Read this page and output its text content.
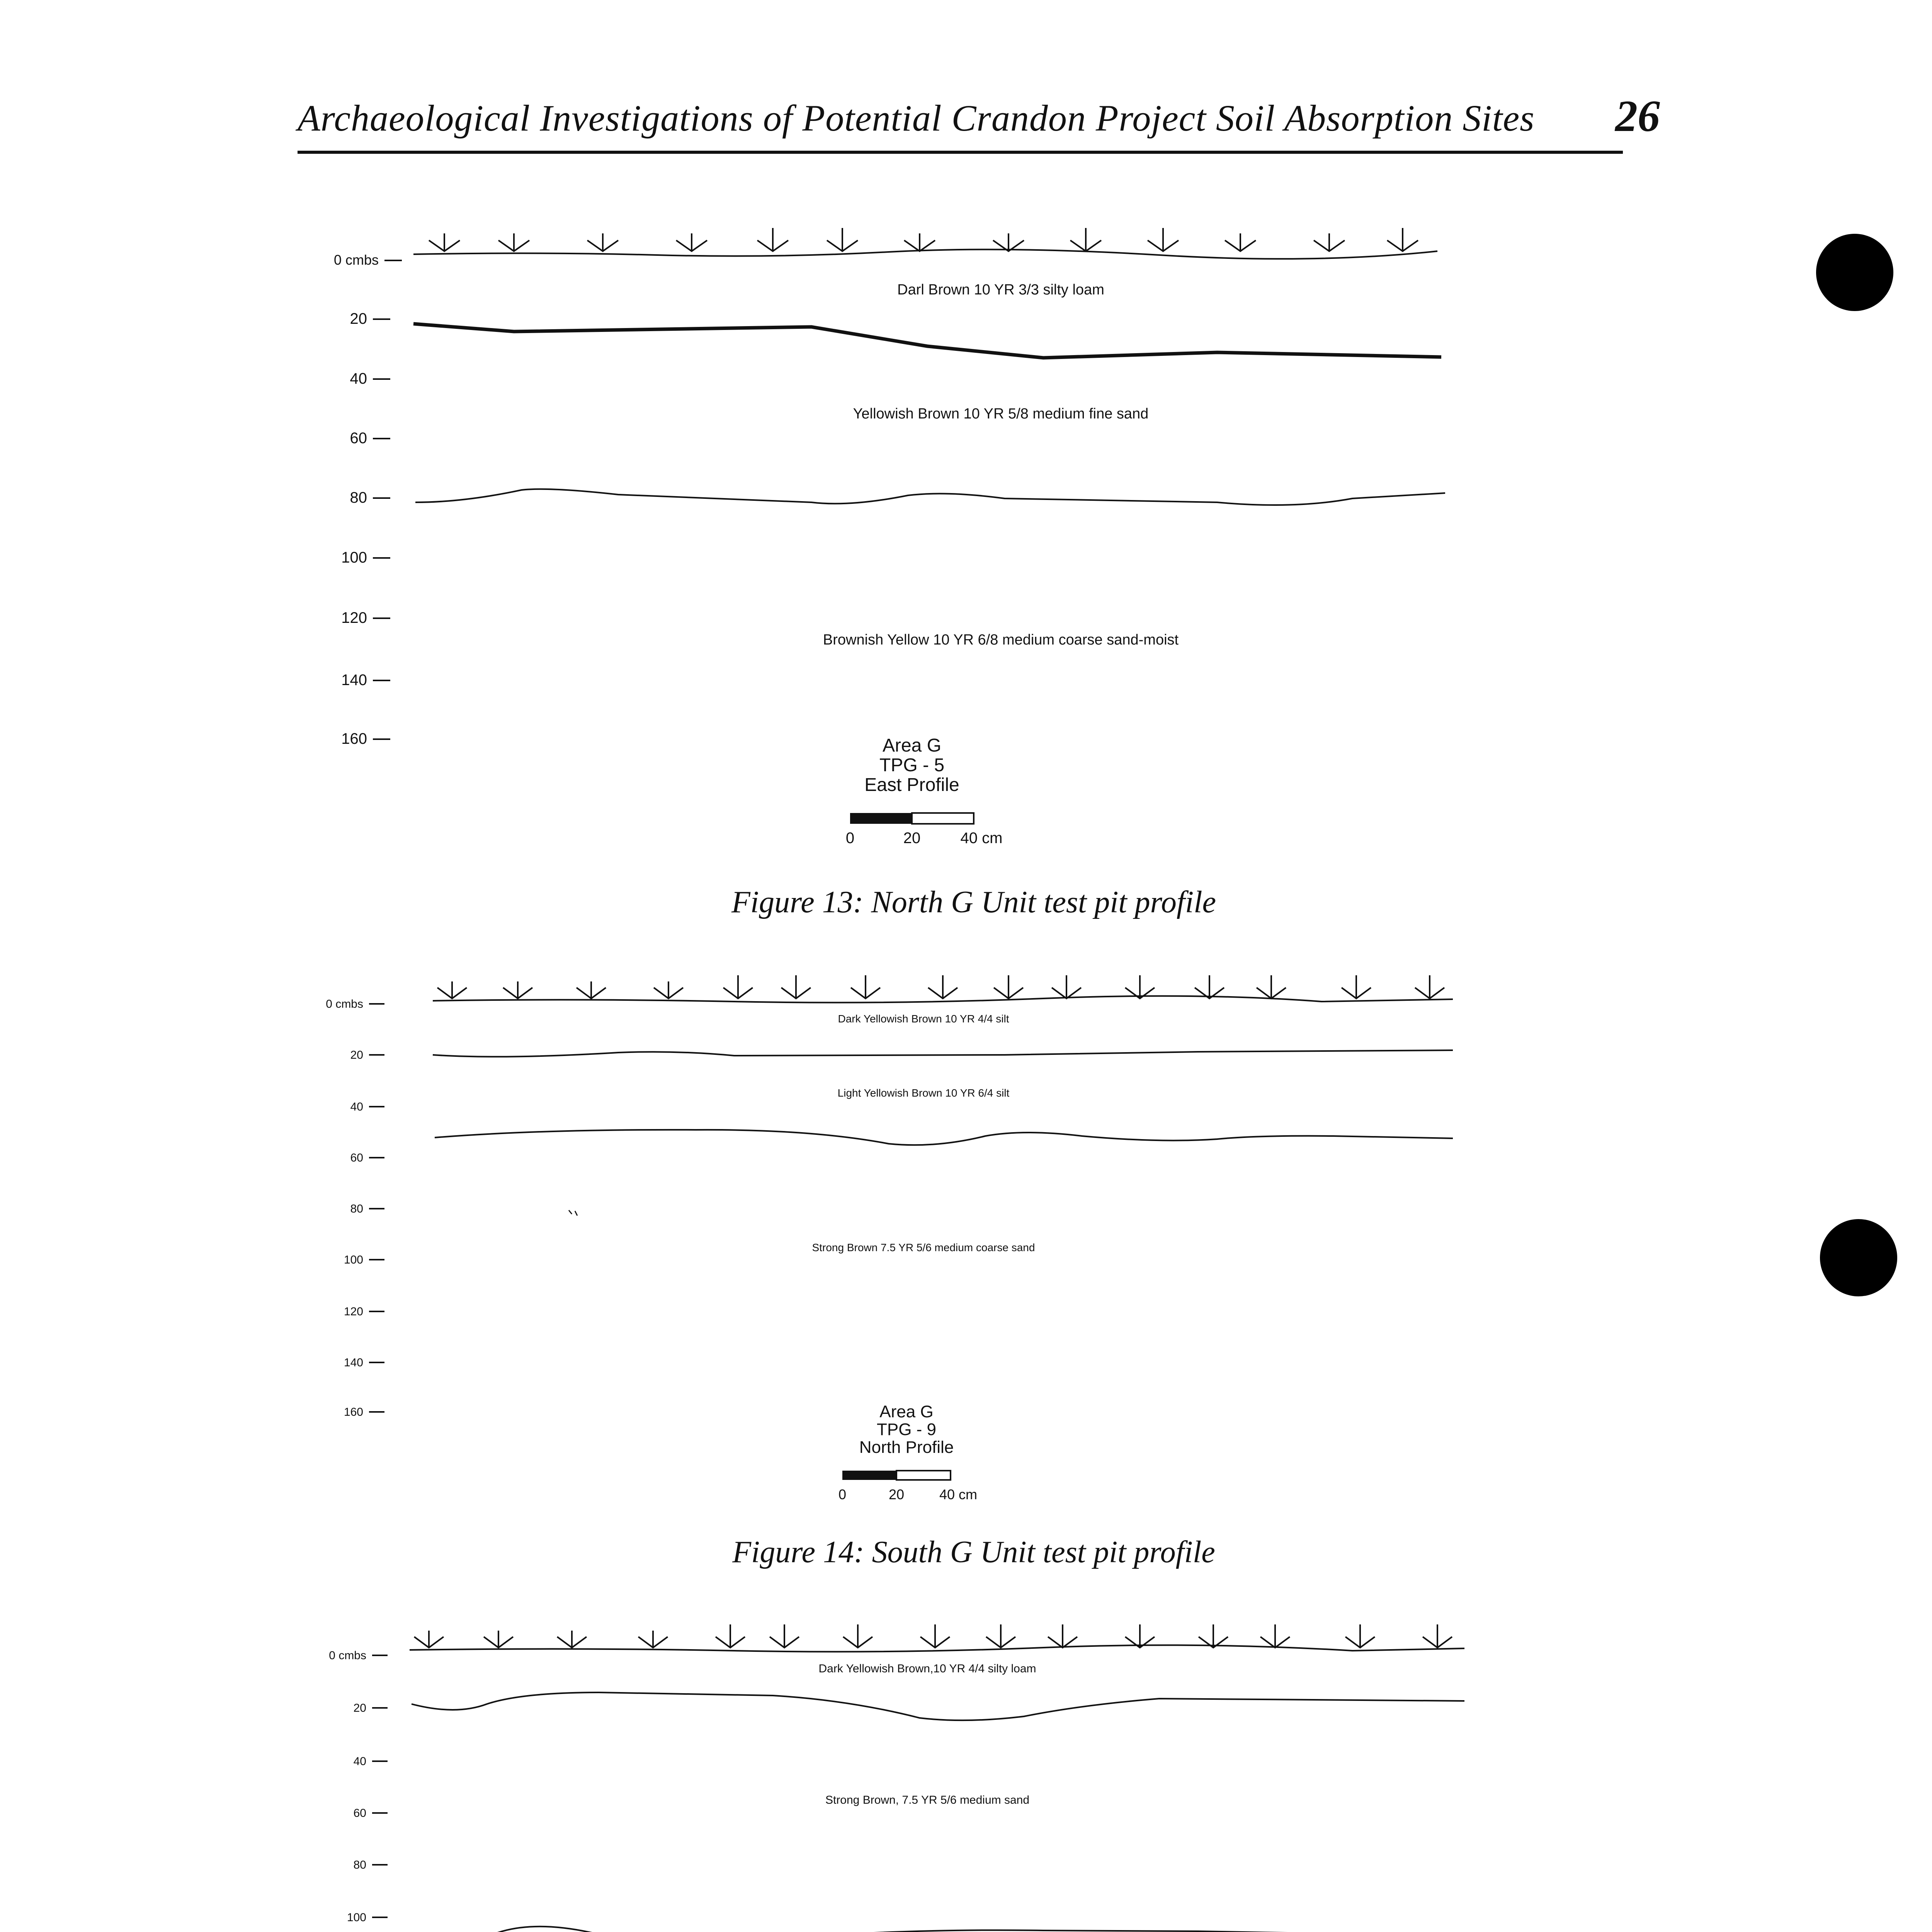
Archaeological Investigations of Potential Crandon Project Soil Absorption Sites 26
0 cmbs
20
40
60
80
100
120
140
160
Darl Brown 10 YR 3/3 silty loam
Yellowish Brown 10 YR 5/8 medium fine sand
Brownish Yellow 10 YR 6/8 medium coarse sand-moist
Area G
TPG - 5
East Profile
0	20	40 cm
Figure 13: North G Unit test pit profile
0 cmbs
20
40
60
80
100
120
140
160
Dark Yellowish Brown 10 YR 4/4 silt
Light Yellowish Brown 10 YR 6/4 silt
Strong Brown 7.5 YR 5/6 medium coarse sand
Area G
TPG - 9
North Profile
0	20	40 cm
Figure 14: South G Unit test pit profile
0 cmbs
20
40
60
80
100
Dark Yellowish Brown,10 YR 4/4 silty loam
Strong Brown, 7.5 YR 5/6 medium sand
